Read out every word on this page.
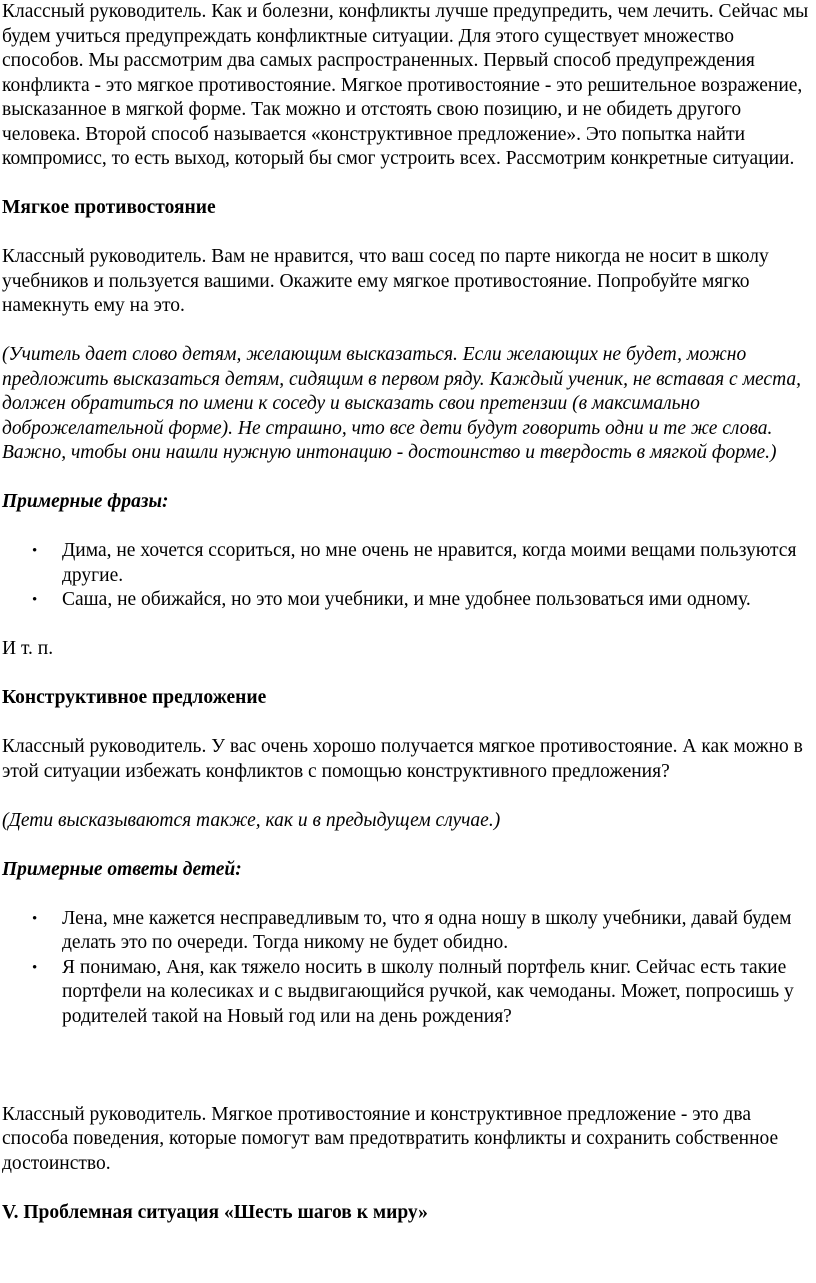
Классный руководитель. Как и болезни, конфликты лучше предупредить, чем лечить. Сейчас мы будем учиться предупреждать конфликтные ситуации. Для этого существует множество способов. Мы рассмотрим два самых распространенных. Первый способ предупреждения конфликта - это мягкое противостояние. Мягкое противостояние - это решительное возражение, высказанное в мягкой форме. Так можно и отстоять свою позицию, и не обидеть другого человека. Второй способ называется «конструктивное предложение». Это попытка найти компромисс, то есть выход, который бы смог устроить всех. Рассмотрим конкретные ситуации.

Мягкое противостояние

Классный руководитель. Вам не нравится, что ваш сосед по парте никогда не носит в школу учебников и пользуется вашими. Окажите ему мягкое противостояние. Попробуйте мягко намекнуть ему на это.

(Учитель дает слово детям, желающим высказаться. Если желающих не будет, можно предложить высказаться детям, сидящим в первом ряду. Каждый ученик, не вставая с места, должен обратиться по имени к соседу и высказать свои претензии (в максимально доброжелательной форме). Не страшно, что все дети будут говорить одни и те же слова. Важно, чтобы они нашли нужную интонацию - достоинство и твердость в мягкой форме.)

Примерные фразы:

• Дима, не хочется ссориться, но мне очень не нравится, когда моими вещами пользуются другие.
• Саша, не обижайся, но это мои учебники, и мне удобнее пользоваться ими одному.

И т. п.

Конструктивное предложение

Классный руководитель. У вас очень хорошо получается мягкое противостояние. А как можно в этой ситуации избежать конфликтов с помощью конструктивного предложения?

(Дети высказываются также, как и в предыдущем случае.)

Примерные ответы детей:

• Лена, мне кажется несправедливым то, что я одна ношу в школу учебники, давай будем делать это по очереди. Тогда никому не будет обидно.
• Я понимаю, Аня, как тяжело носить в школу полный портфель книг. Сейчас есть такие портфели на колесиках и с выдвигающийся ручкой, как чемоданы. Может, попросишь у родителей такой на Новый год или на день рождения?

Классный руководитель. Мягкое противостояние и конструктивное предложение - это два способа поведения, которые помогут вам предотвратить конфликты и сохранить собственное достоинство.

V. Проблемная ситуация «Шесть шагов к миру»
